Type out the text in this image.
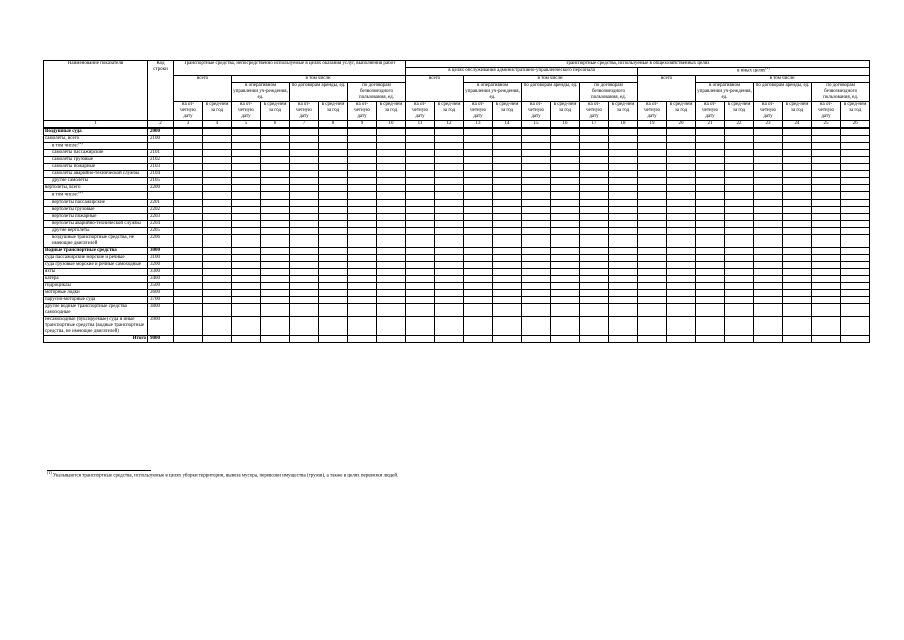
Наименование показателя	Код строки	Транспортные средства, непосредственно используемые в целях оказания услуг, выполнения работ								Транспортные средства, используемые в общехозяйственных целях															
										в целях обслуживания административно-управленческого персонала								в иных целях$^{(1)}$
		всего		в том числе:						всего		в том числе:						всего		в том числе:					
				в оперативном управлении уч-реждения, ед.		по договорам аренды, ед.		по договорам безвозмездного пользования, ед.				в оперативном управлении уч-реждения, ед.		по договорам аренды, ед.		по договорам безвозмездного пользования, ед.				в оперативном управлении уч-реждения, ед.		по договорам аренды, ед.		по договорам безвозмездного пользования, ед.	
		на от-четную дату	в сред-нем за год	на от-четную дату	в сред-нем за год	на от-четную дату	в сред-нем за год	на от-четную дату	в сред-нем за год	на от-четную дату	в сред-нем за год	на от-четную дату	в сред-нем за год	на от-четную дату	в сред-нем за год	на от-четную дату	в сред-нем за год	на от-четную дату	в сред-нем за год	на от-четную дату	в сред-нем за год	на от-четную дату	в сред-нем за год	на от-четную дату	в сред-нем за год
1	2	3	4	5	6	7	8	9	10	11	12	13	14	15	16	17	18	19	20	21	22	23	24	25	26
Воздушные суда	2000																								
самолеты, всего	2100																								
в том числе:$^{(2)}$																									
самолеты пассажирские	2101																								
самолеты грузовые	2102																								
самолеты пожарные	2103																								
самолеты аварийно-технической службы	2104																								
другие самолеты	2105																								
вертолеты, всего	2200																								
в том числе:$^{(2)}$																									
вертолеты пассажирские	2201																								
вертолеты грузовые	2202																								
вертолеты пожарные	2203																								
вертолеты аварийно-технической службы	2204																								
другие вертолеты	2205																								
воздушные транспортные средства, не имеющие двигателей	2206																								
Водные транспортные средства	3000																								
суда пассажирские морские и речные	3100																								
суда грузовые морские и речные самоходные	3200																								
яхты	3300																								
катера	3400																								
гидроциклы	3500																								
моторные лодки	3600																								
парусно-моторные суда	3700																								
другие водные транспортные средства самоходные	3800																								
несамоходные (буксируемые) суда и иные транспортные средства (водные транспортные средства, не имеющие двигателей)	3900																								
Итого	9000																								
$^{(1)}$ Указываются транспортные средства, используемые в целях уборки территории, вывоза мусора, перевозки имущества (грузов), а также в целях перевозки людей.
